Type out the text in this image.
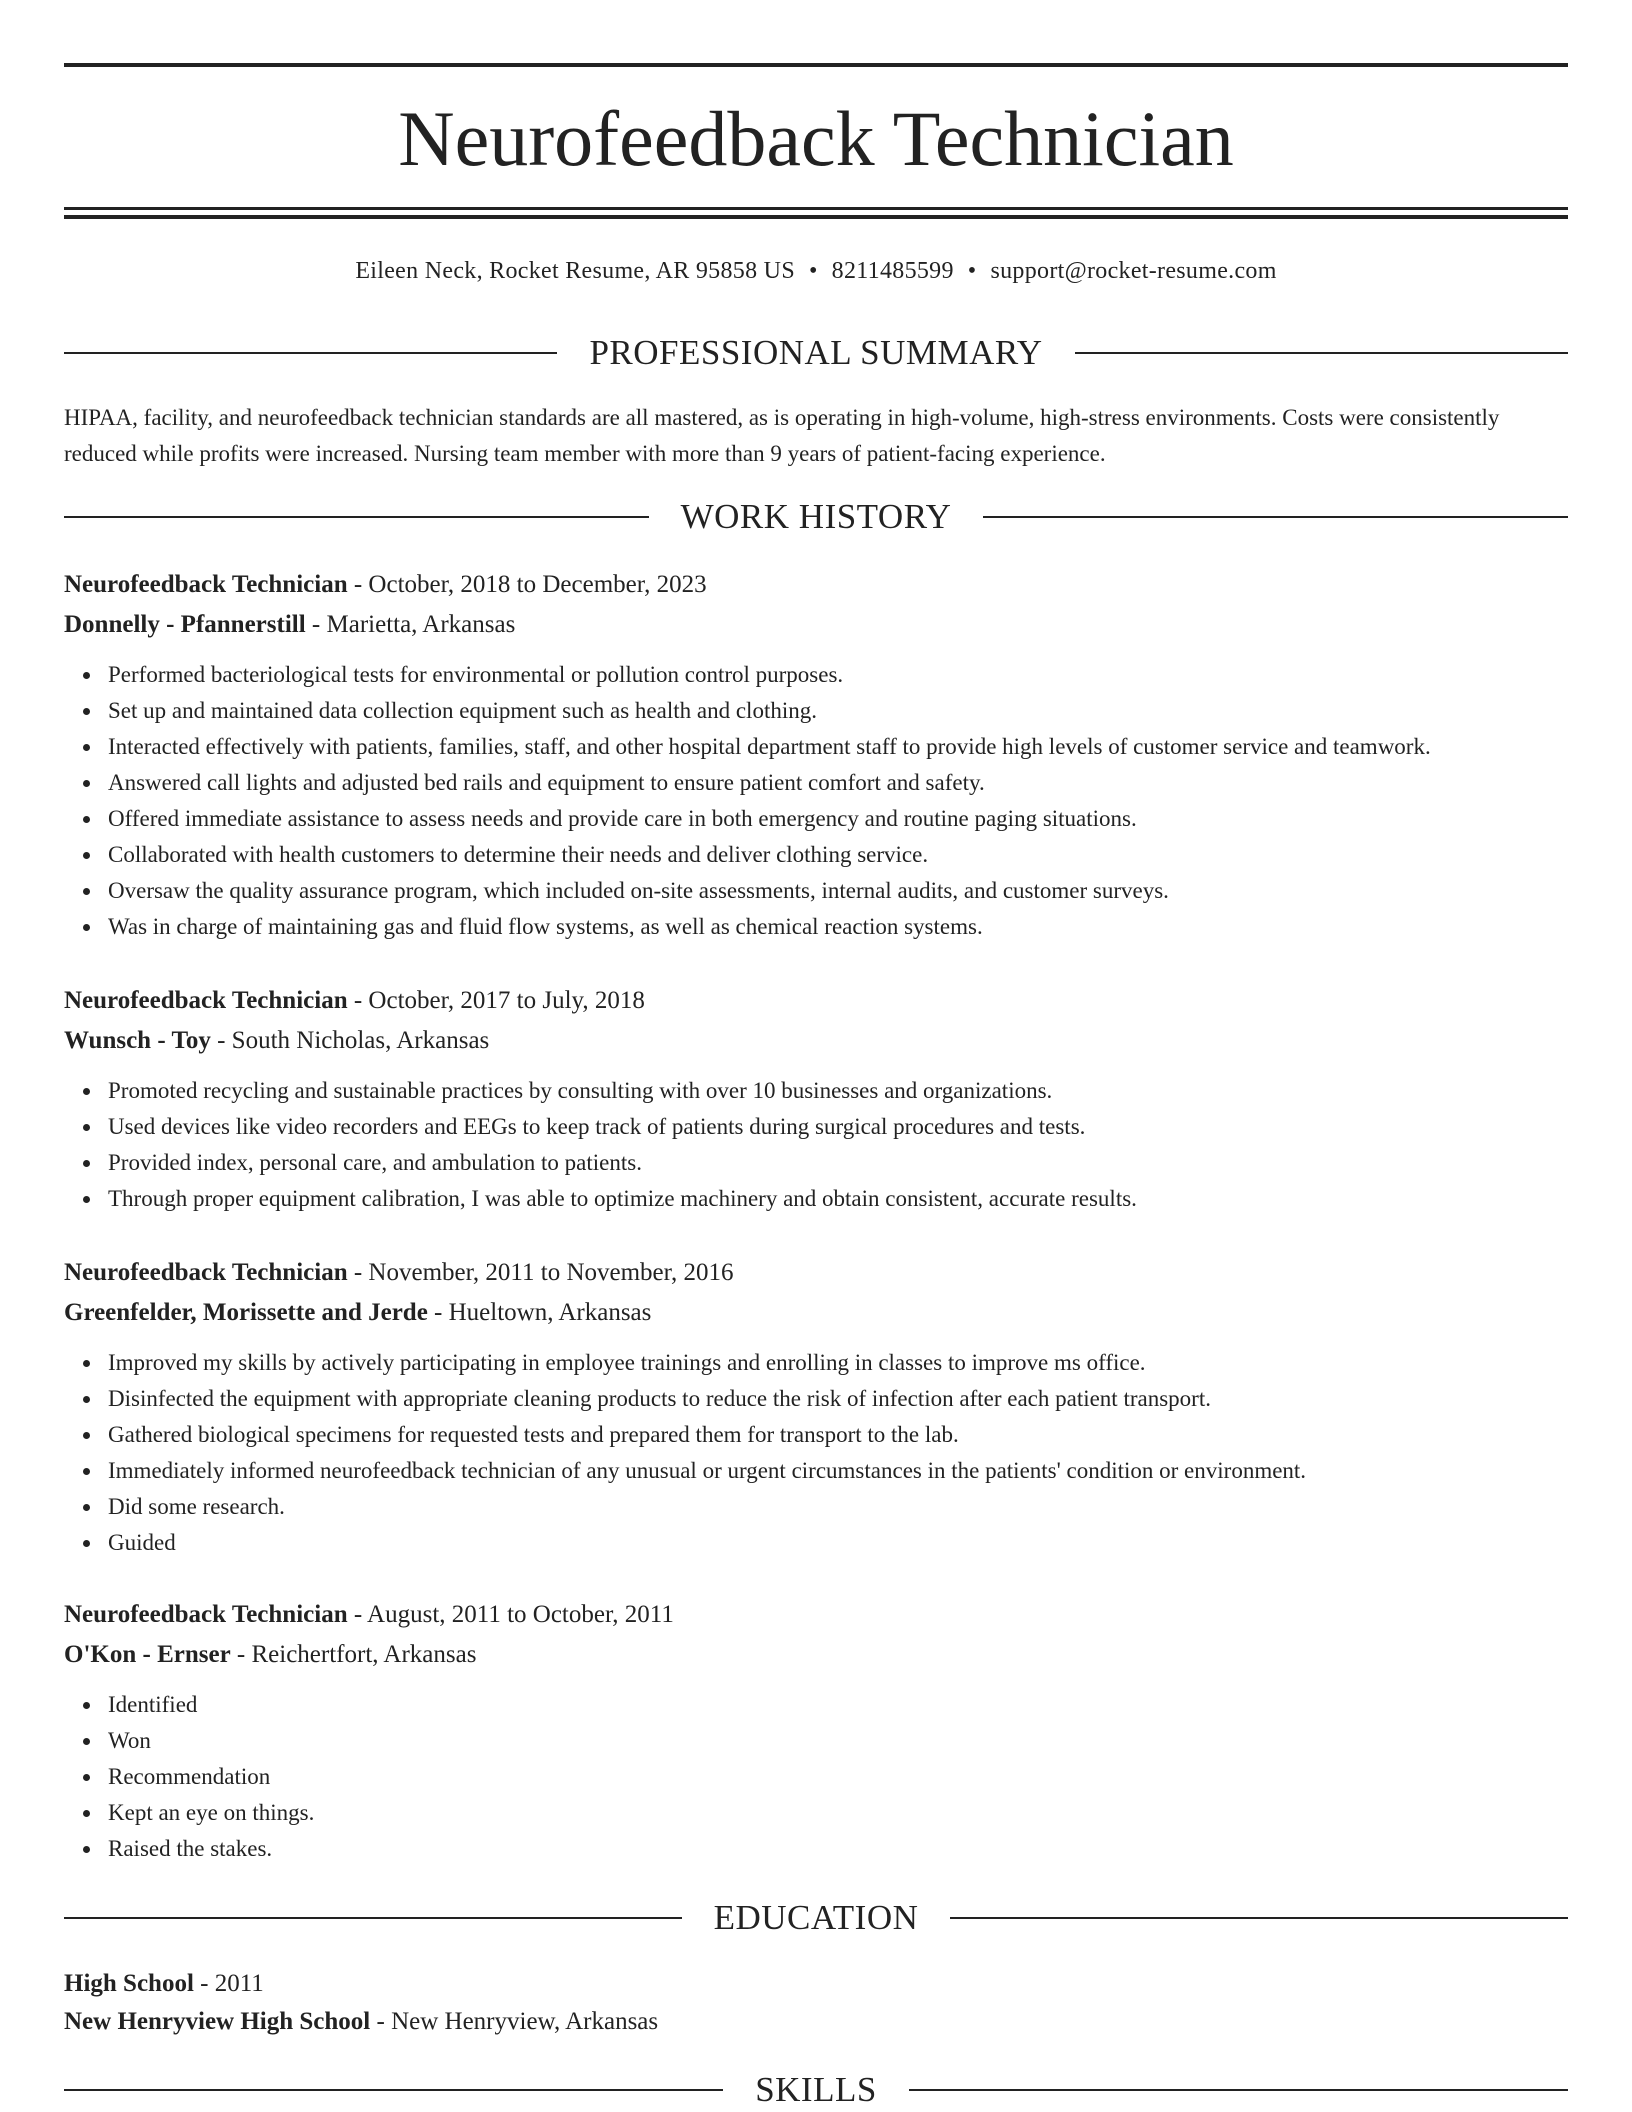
Neurofeedback Technician
Eileen Neck, Rocket Resume, AR 95858 US • 8211485599 • support@rocket-resume.com
PROFESSIONAL SUMMARY
HIPAA, facility, and neurofeedback technician standards are all mastered, as is operating in high-volume, high-stress environments. Costs were consistently reduced while profits were increased. Nursing team member with more than 9 years of patient-facing experience.
WORK HISTORY
Neurofeedback Technician - October, 2018 to December, 2023
Donnelly - Pfannerstill - Marietta, Arkansas
Performed bacteriological tests for environmental or pollution control purposes.
Set up and maintained data collection equipment such as health and clothing.
Interacted effectively with patients, families, staff, and other hospital department staff to provide high levels of customer service and teamwork.
Answered call lights and adjusted bed rails and equipment to ensure patient comfort and safety.
Offered immediate assistance to assess needs and provide care in both emergency and routine paging situations.
Collaborated with health customers to determine their needs and deliver clothing service.
Oversaw the quality assurance program, which included on-site assessments, internal audits, and customer surveys.
Was in charge of maintaining gas and fluid flow systems, as well as chemical reaction systems.
Neurofeedback Technician - October, 2017 to July, 2018
Wunsch - Toy - South Nicholas, Arkansas
Promoted recycling and sustainable practices by consulting with over 10 businesses and organizations.
Used devices like video recorders and EEGs to keep track of patients during surgical procedures and tests.
Provided index, personal care, and ambulation to patients.
Through proper equipment calibration, I was able to optimize machinery and obtain consistent, accurate results.
Neurofeedback Technician - November, 2011 to November, 2016
Greenfelder, Morissette and Jerde - Hueltown, Arkansas
Improved my skills by actively participating in employee trainings and enrolling in classes to improve ms office.
Disinfected the equipment with appropriate cleaning products to reduce the risk of infection after each patient transport.
Gathered biological specimens for requested tests and prepared them for transport to the lab.
Immediately informed neurofeedback technician of any unusual or urgent circumstances in the patients' condition or environment.
Did some research.
Guided
Neurofeedback Technician - August, 2011 to October, 2011
O'Kon - Ernser - Reichertfort, Arkansas
Identified
Won
Recommendation
Kept an eye on things.
Raised the stakes.
EDUCATION
High School - 2011
New Henryview High School - New Henryview, Arkansas
SKILLS
